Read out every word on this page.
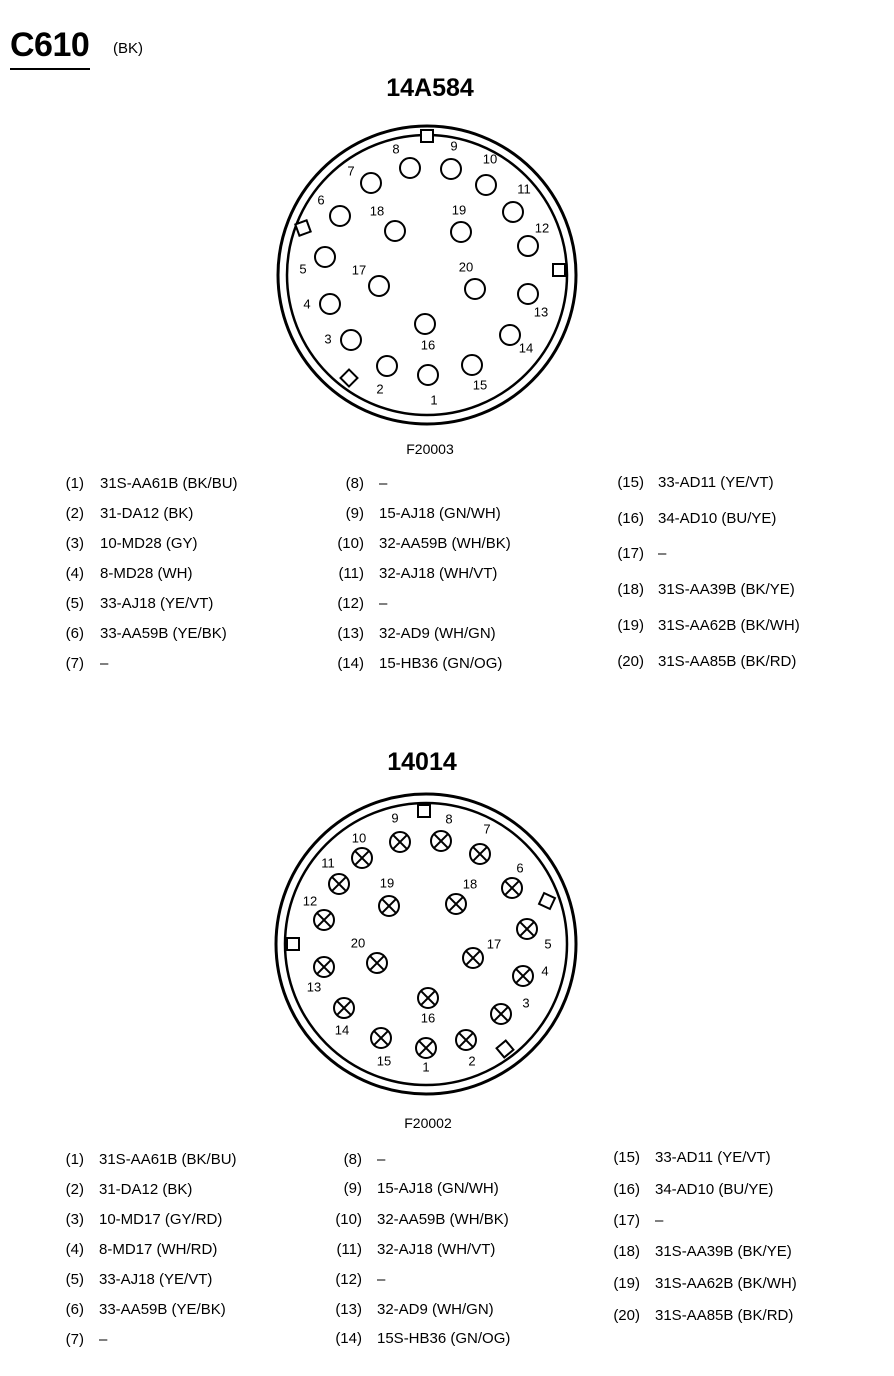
C610 (BK)
14A584
1
2
3
4
5
6
7
8	9
10
11
12
13
14
15
16
17
18	19
20
F20003
(1) 31S-AA61B (BK/BU)
(2) 31-DA12 (BK)
(3) 10-MD28 (GY)
(4) 8-MD28 (WH)
(5) 33-AJ18 (YE/VT)
(6) 33-AA59B (YE/BK)
(7) –
(8) –
(9) 15-AJ18 (GN/WH)
(10) 32-AA59B (WH/BK)
(11) 32-AJ18 (WH/VT)
(12) –
(13) 32-AD9 (WH/GN)
(14) 15-HB36 (GN/OG)
(15) 33-AD11 (YE/VT)
(16) 34-AD10 (BU/YE)
(17) –
(18) 31S-AA39B (BK/YE)
(19) 31S-AA62B (BK/WH)
(20) 31S-AA85B (BK/RD)
14014
1	2
3
4
5
6
7
8
9
10
11
12
13
14
15
16
17
18
19
20
F20002
(1) 31S-AA61B (BK/BU)
(2) 31-DA12 (BK)
(3) 10-MD17 (GY/RD)
(4) 8-MD17 (WH/RD)
(5) 33-AJ18 (YE/VT)
(6) 33-AA59B (YE/BK)
(7) –
(8) –
(9) 15-AJ18 (GN/WH)
(10) 32-AA59B (WH/BK)
(11) 32-AJ18 (WH/VT)
(12) –
(13) 32-AD9 (WH/GN)
(14) 15S-HB36 (GN/OG)
(15) 33-AD11 (YE/VT)
(16) 34-AD10 (BU/YE)
(17) –
(18) 31S-AA39B (BK/YE)
(19) 31S-AA62B (BK/WH)
(20) 31S-AA85B (BK/RD)
